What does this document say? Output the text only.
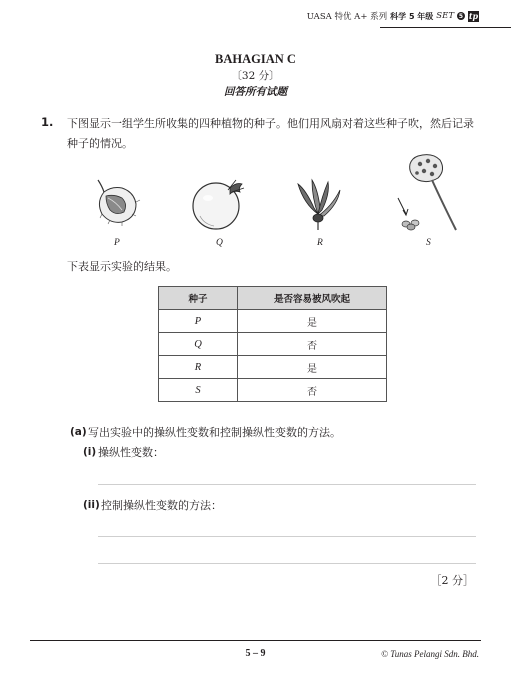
UASA 特优 A+ 系列 科学 5 年级 SET 5 tp
BAHAGIAN C
〔32 分〕
回答所有试题
1. 下图显示一组学生所收集的四种植物的种子。他们用风扇对着这些种子吹，然后记录种子的情况。
P	Q	R	S
下表显示实验的结果。
种子	是否容易被风吹起
P	是
Q	否
R	是
S	否
(a) 写出实验中的操纵性变数和控制操纵性变数的方法。
(i) 操纵性变数：
(ii) 控制操纵性变数的方法：
［2 分］
5 – 9	© Tunas Pelangi Sdn. Bhd.
